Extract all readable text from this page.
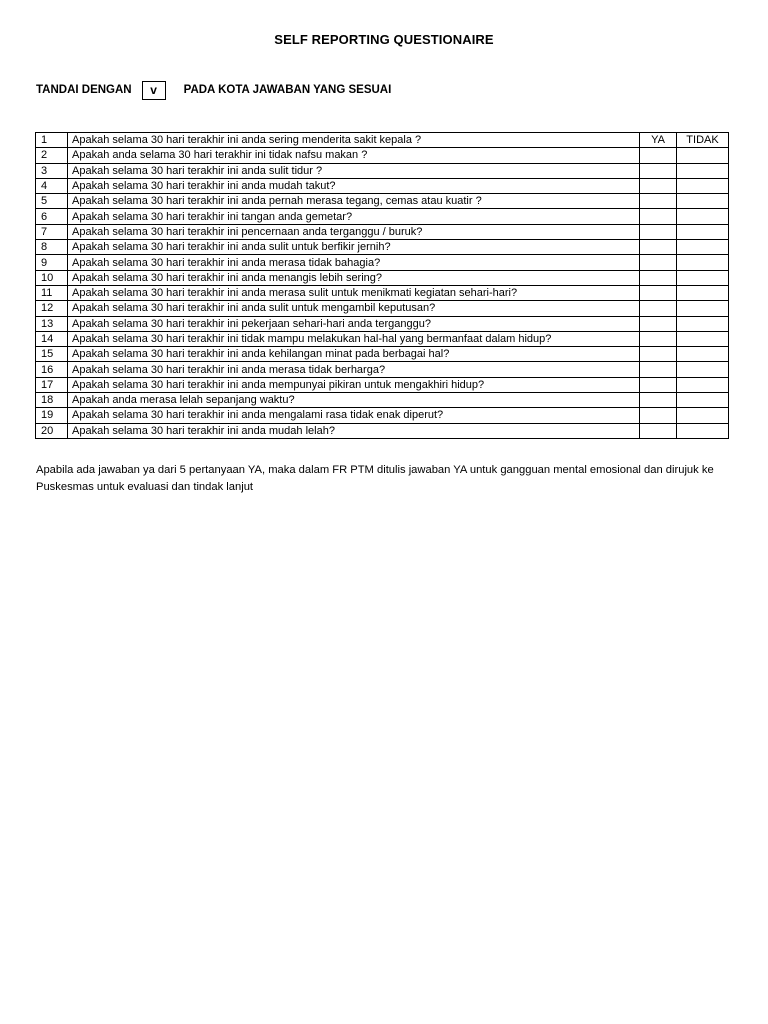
SELF REPORTING QUESTIONAIRE
TANDAI DENGAN	v	PADA KOTA JAWABAN YANG SESUAI
1	Apakah selama 30 hari terakhir ini anda sering menderita sakit kepala ?	YA	TIDAK
2	Apakah anda selama 30 hari terakhir ini tidak nafsu makan ?		
3	Apakah selama 30 hari terakhir ini anda sulit tidur ?		
4	Apakah selama 30 hari terakhir ini anda mudah takut?		
5	Apakah selama 30 hari terakhir ini anda pernah merasa tegang, cemas atau kuatir ?		
6	Apakah selama 30 hari terakhir ini tangan anda gemetar?		
7	Apakah selama 30 hari terakhir ini pencernaan anda terganggu / buruk?		
8	Apakah selama 30 hari terakhir ini anda sulit untuk berfikir jernih?		
9	Apakah selama 30 hari terakhir ini anda merasa tidak bahagia?		
10	Apakah selama 30 hari terakhir ini anda menangis lebih sering?		
11	Apakah selama 30 hari terakhir ini anda merasa sulit untuk menikmati kegiatan sehari-hari?		
12	Apakah selama 30 hari terakhir ini anda sulit untuk mengambil keputusan?		
13	Apakah selama 30 hari terakhir ini pekerjaan sehari-hari anda terganggu?		
14	Apakah selama 30 hari terakhir ini tidak mampu melakukan hal-hal yang bermanfaat dalam hidup?		
15	Apakah selama 30 hari terakhir ini anda kehilangan minat pada berbagai hal?		
16	Apakah selama 30 hari terakhir ini anda merasa tidak berharga?		
17	Apakah selama 30 hari terakhir ini anda mempunyai pikiran untuk mengakhiri hidup?		
18	Apakah anda merasa lelah sepanjang waktu?		
19	Apakah selama 30 hari terakhir ini anda mengalami rasa tidak enak diperut?		
20	Apakah selama 30 hari terakhir ini anda mudah lelah?		
Apabila ada jawaban ya dari 5 pertanyaan YA, maka dalam FR PTM ditulis jawaban YA untuk gangguan mental emosional dan dirujuk ke Puskesmas untuk evaluasi dan tindak lanjut
